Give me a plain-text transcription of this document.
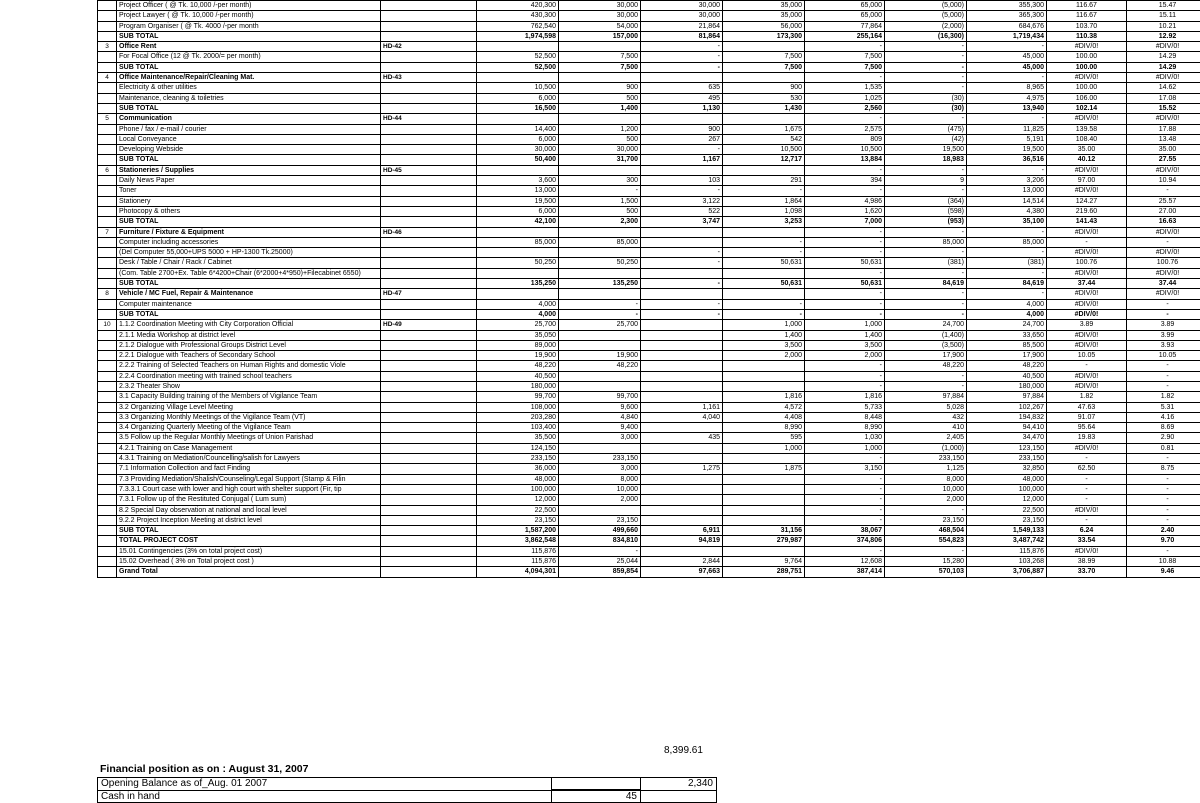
	Project Officer ( @ Tk. 10,000 /-per month)		420,300	30,000	30,000	35,000	65,000	(5,000)	355,300	116.67	15.47
	Project Lawyer ( @ Tk. 10,000 /-per month)		430,300	30,000	30,000	35,000	65,000	(5,000)	365,300	116.67	15.11
	Program Organiser ( @ Tk. 4000 /-per month		762,540	54,000	21,864	56,000	77,864	(2,000)	684,676	103.70	10.21
	SUB TOTAL		1,974,598	157,000	81,864	173,300	255,164	(16,300)	1,719,434	110.38	12.92
3	Office Rent	HD-42			-		-	-	-	#DIV/0!	#DIV/0!
	For Focal Office (12 @ Tk. 2000/= per month)		52,500	7,500	-	7,500	7,500	-	45,000	100.00	14.29
	SUB TOTAL		52,500	7,500	-	7,500	7,500	-	45,000	100.00	14.29
4	Office Maintenance/Repair/Cleaning Mat.	HD-43					-	-	-	#DIV/0!	#DIV/0!
	Electricity & other utilities		10,500	900	635	900	1,535	-	8,965	100.00	14.62
	Maintenance, cleaning & toiletries		6,000	500	495	530	1,025	(30)	4,975	106.00	17.08
	SUB TOTAL		16,500	1,400	1,130	1,430	2,560	(30)	13,940	102.14	15.52
5	Communication	HD-44					-	-	-	#DIV/0!	#DIV/0!
	Phone / fax / e-mail / courier		14,400	1,200	900	1,675	2,575	(475)	11,825	139.58	17.88
	Local Conveyance		6,000	500	267	542	809	(42)	5,191	108.40	13.48
	Developing Webside		30,000	30,000	-	10,500	10,500	19,500	19,500	35.00	35.00
	SUB TOTAL		50,400	31,700	1,167	12,717	13,884	18,983	36,516	40.12	27.55
6	Stationeries / Supplies	HD-45					-	-	-	#DIV/0!	#DIV/0!
	Daily News Paper		3,600	300	103	291	394	9	3,206	97.00	10.94
	Toner		13,000	-	-	-	-	-	13,000	#DIV/0!	-
	Stationery		19,500	1,500	3,122	1,864	4,986	(364)	14,514	124.27	25.57
	Photocopy & others		6,000	500	522	1,098	1,620	(598)	4,380	219.60	27.00
	SUB TOTAL		42,100	2,300	3,747	3,253	7,000	(953)	35,100	141.43	16.63
7	Furniture / Fixture & Equipment	HD-46					-	-	-	#DIV/0!	#DIV/0!
	Computer including accessories		85,000	85,000		-	-	85,000	85,000	-	-
	(Del Computer 55,000+UPS 5000 + HP-1300 Tk.25000)				-	-	-	-	-	#DIV/0!	#DIV/0!
	Desk / Table / Chair / Rack / Cabinet		50,250	50,250	-	50,631	50,631	(381)	(381)	100.76	100.76
	(Com. Table 2700+Ex. Table 6*4200+Chair (6*2000+4*950)+Filecabinet 6550)						-	-	-	#DIV/0!	#DIV/0!
	SUB TOTAL		135,250	135,250	-	50,631	50,631	84,619	84,619	37.44	37.44
8	Vehicle / MC Fuel, Repair & Maintenance	HD-47					-	-	-	#DIV/0!	#DIV/0!
	Computer maintenance		4,000	-	-	-	-	-	4,000	#DIV/0!	-
	SUB TOTAL		4,000	-	-	-	-	-	4,000	#DIV/0!	-
10	1.1.2 Coordination Meeting with City Corporation Official	HD-49	25,700	25,700		1,000	1,000	24,700	24,700	3.89	3.89
	2.1.1 Media Workshop at district level		35,050			1,400	1,400	(1,400)	33,650	#DIV/0!	3.99
	2.1.2 Dialogue with Professional Groups District Level		89,000			3,500	3,500	(3,500)	85,500	#DIV/0!	3.93
	2.2.1 Dialogue with Teachers of Secondary School		19,900	19,900		2,000	2,000	17,900	17,900	10.05	10.05
	2.2.2 Training of Selected Teachers on Human Rights and domestic Viole		48,220	48,220			-	48,220	48,220	-	-
	2.2.4 Coordination meeting with trained school teachers		40,500				-	-	40,500	#DIV/0!	-
	2.3.2 Theater Show		180,000				-	-	180,000	#DIV/0!	-
	3.1 Capacity Building training of the Members of Vigilance Team		99,700	99,700		1,816	1,816	97,884	97,884	1.82	1.82
	3.2 Organizing Village Level Meeting		108,000	9,600	1,161	4,572	5,733	5,028	102,267	47.63	5.31
	3.3 Organizing Monthly Meetings of the Vigilance Team (VT)		203,280	4,840	4,040	4,408	8,448	432	194,832	91.07	4.16
	3.4 Organizing Quarterly Meeting of the Vigilance Team		103,400	9,400		8,990	8,990	410	94,410	95.64	8.69
	3.5 Follow up the Regular Monthly Meetings of Union Parishad		35,500	3,000	435	595	1,030	2,405	34,470	19.83	2.90
	4.2.1 Training on Case Management		124,150			1,000	1,000	(1,000)	123,150	#DIV/0!	0.81
	4.3.1 Training on Mediation/Councelling/salish for Lawyers		233,150	233,150			-	233,150	233,150	-	-
	7.1 Information Collection and fact Finding		36,000	3,000	1,275	1,875	3,150	1,125	32,850	62.50	8.75
	7.3 Providing Mediation/Shalish/Counseling/Legal Support (Stamp & Filin		48,000	8,000			-	8,000	48,000	-	-
	7.3.3.1 Court case with lower and high court with shelter support (Fir, tip		100,000	10,000			-	10,000	100,000	-	-
	7.3.1 Follow up of the Restituted Conjugal ( Lum sum)		12,000	2,000			-	2,000	12,000	-	-
	8.2 Special Day observation at national and local level		22,500				-	-	22,500	#DIV/0!	-
	9.2.2 Project Inception Meeting at district level		23,150	23,150			-	23,150	23,150	-	-
	SUB TOTAL		1,587,200	499,660	6,911	31,156	38,067	468,504	1,549,133	6.24	2.40
	TOTAL PROJECT COST		3,862,548	834,810	94,819	279,987	374,806	554,823	3,487,742	33.54	9.70
	15.01 Contingencies (3% on total project cost)		115,876	-			-	-	115,876	#DIV/0!	-
	15.02 Overhead ( 3% on Total project cost )		115,876	25,044	2,844	9,764	12,608	15,280	103,268	38.99	10.88
	Grand Total		4,094,301	859,854	97,663	289,751	387,414	570,103	3,706,887	33.70	9.46
8,399.61
Financial position as on : August 31, 2007
Opening Balance as of_Aug. 01 2007		2,340
Cash in hand	45	
